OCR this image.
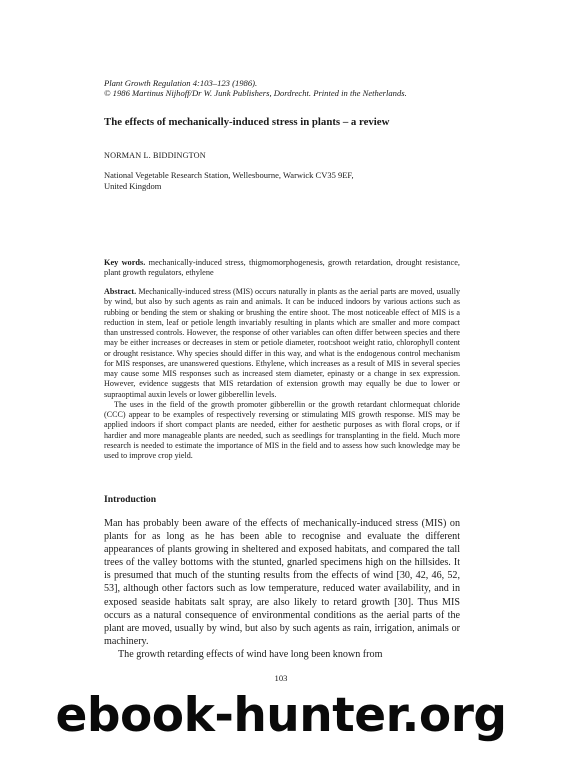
Plant Growth Regulation 4:103–123 (1986).
© 1986 Martinus Nijhoff/Dr W. Junk Publishers, Dordrecht. Printed in the Netherlands.
The effects of mechanically-induced stress in plants – a review
NORMAN L. BIDDINGTON
National Vegetable Research Station, Wellesbourne, Warwick CV35 9EF,
United Kingdom
Key words. mechanically-induced stress, thigmomorphogenesis, growth retardation, drought resistance, plant growth regulators, ethylene

Abstract. Mechanically-induced stress (MIS) occurs naturally in plants as the aerial parts are moved, usually by wind, but also by such agents as rain and animals. It can be induced indoors by various actions such as rubbing or bending the stem or shaking or brushing the entire shoot. The most noticeable effect of MIS is a reduction in stem, leaf or petiole length invariably resulting in plants which are smaller and more compact than unstressed controls. However, the response of other variables can often differ between species and there may be either increases or decreases in stem or petiole diameter, root:shoot weight ratio, chlorophyll content or drought resistance. Why species should differ in this way, and what is the endogenous control mechanism for MIS responses, are unanswered questions. Ethylene, which increases as a result of MIS in several species may cause some MIS responses such as increased stem diameter, epinasty or a change in sex expression. However, evidence suggests that MIS retardation of extension growth may equally be due to lower or supraoptimal auxin levels or lower gibberellin levels.

The uses in the field of the growth promoter gibberellin or the growth retardant chlormequat chloride (CCC) appear to be examples of respectively reversing or stimulating MIS growth response. MIS may be applied indoors if short compact plants are needed, either for aesthetic purposes as with floral crops, or if hardier and more manageable plants are needed, such as seedlings for transplanting in the field. Much more research is needed to estimate the importance of MIS in the field and to assess how such knowledge may be used to improve crop yield.

Introduction

Man has probably been aware of the effects of mechanically-induced stress (MIS) on plants for as long as he has been able to recognise and evaluate the different appearances of plants growing in sheltered and exposed habitats, and compared the tall trees of the valley bottoms with the stunted, gnarled specimens high on the hillsides. It is presumed that much of the stunting results from the effects of wind [30, 42, 46, 52, 53], although other factors such as low temperature, reduced water availability, and in exposed seaside habitats salt spray, are also likely to retard growth [30]. Thus MIS occurs as a natural consequence of environmental conditions as the aerial parts of the plant are moved, usually by wind, but also by such agents as rain, irrigation, animals or machinery.

The growth retarding effects of wind have long been known from

103
ebook-hunter.org
